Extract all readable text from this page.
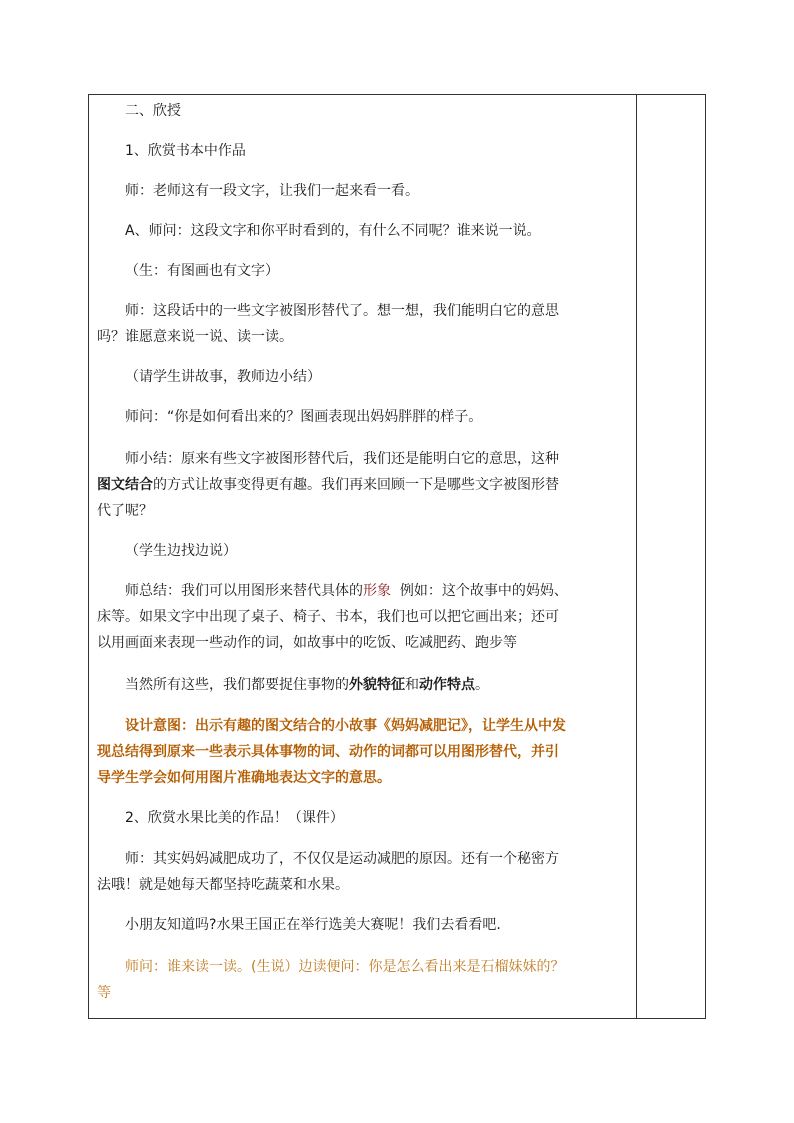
二、欣授
1、欣赏书本中作品
师：老师这有一段文字，让我们一起来看一看。
A、师问：这段文字和你平时看到的，有什么不同呢？谁来说一说。
（生：有图画也有文字）
师：这段话中的一些文字被图形替代了。想一想，我们能明白它的意思
吗？谁愿意来说一说、读一读。
（请学生讲故事，教师边小结）
师问：“你是如何看出来的？图画表现出妈妈胖胖的样子。
师小结：原来有些文字被图形替代后，我们还是能明白它的意思，这种
图文结合的方式让故事变得更有趣。我们再来回顾一下是哪些文字被图形替
代了呢？
（学生边找边说）
师总结：我们可以用图形来替代具体的形象  例如：这个故事中的妈妈、
床等。如果文字中出现了桌子、椅子、书本，我们也可以把它画出来；还可
以用画面来表现一些动作的词，如故事中的吃饭、吃减肥药、跑步等
当然所有这些，我们都要捉住事物的外貌特征和动作特点。
设计意图：出示有趣的图文结合的小故事《妈妈减肥记》，让学生从中发
现总结得到原来一些表示具体事物的词、动作的词都可以用图形替代，并引
导学生学会如何用图片准确地表达文字的意思。
2、欣赏水果比美的作品！（课件）
师：其实妈妈减肥成功了，不仅仅是运动减肥的原因。还有一个秘密方
法哦！就是她每天都坚持吃蔬菜和水果。
小朋友知道吗?水果王国正在举行选美大赛呢！我们去看看吧.
师问：谁来读一读。(生说）边读便问：你是怎么看出来是石榴妹妹的？
等
